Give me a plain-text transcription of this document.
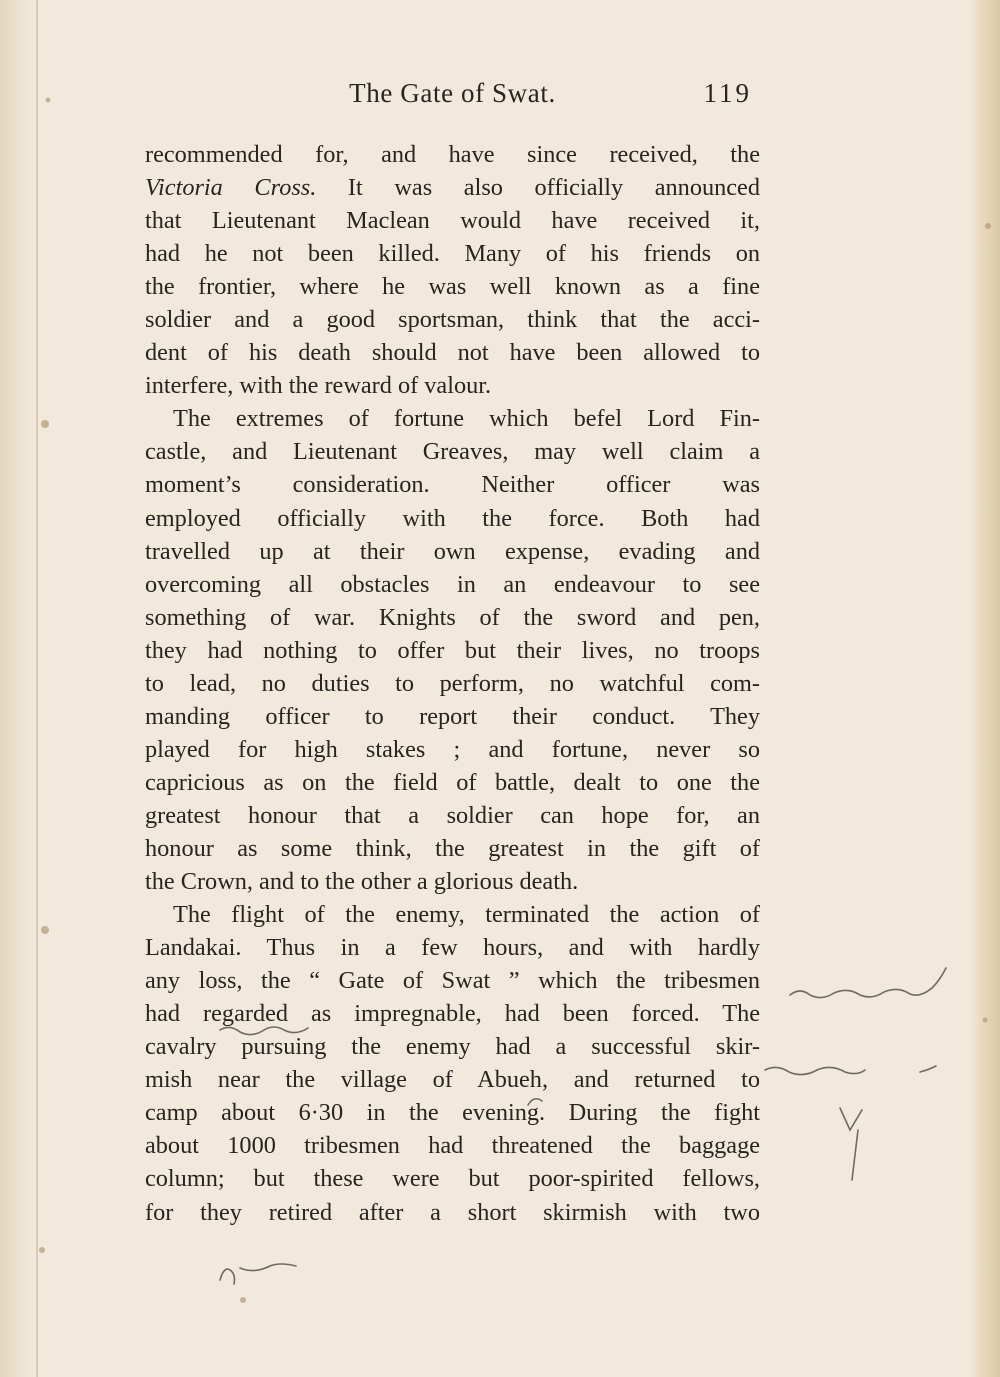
The Gate of Swat.	119
recommended for, and have since received, the
Victoria Cross. It was also officially announced
that Lieutenant Maclean would have received it,
had he not been killed. Many of his friends on
the frontier, where he was well known as a fine
soldier and a good sportsman, think that the acci-
dent of his death should not have been allowed to
interfere, with the reward of valour.
The extremes of fortune which befel Lord Fin-
castle, and Lieutenant Greaves, may well claim a
moment’s consideration. Neither officer was
employed officially with the force. Both had
travelled up at their own expense, evading and
overcoming all obstacles in an endeavour to see
something of war. Knights of the sword and pen,
they had nothing to offer but their lives, no troops
to lead, no duties to perform, no watchful com-
manding officer to report their conduct. They
played for high stakes ; and fortune, never so
capricious as on the field of battle, dealt to one the
greatest honour that a soldier can hope for, an
honour as some think, the greatest in the gift of
the Crown, and to the other a glorious death.
The flight of the enemy, terminated the action of
Landakai. Thus in a few hours, and with hardly
any loss, the “ Gate of Swat ” which the tribesmen
had regarded as impregnable, had been forced. The
cavalry pursuing the enemy had a successful skir-
mish near the village of Abueh, and returned to
camp about 6·30 in the evening. During the fight
about 1000 tribesmen had threatened the baggage
column; but these were but poor-spirited fellows,
for they retired after a short skirmish with two
